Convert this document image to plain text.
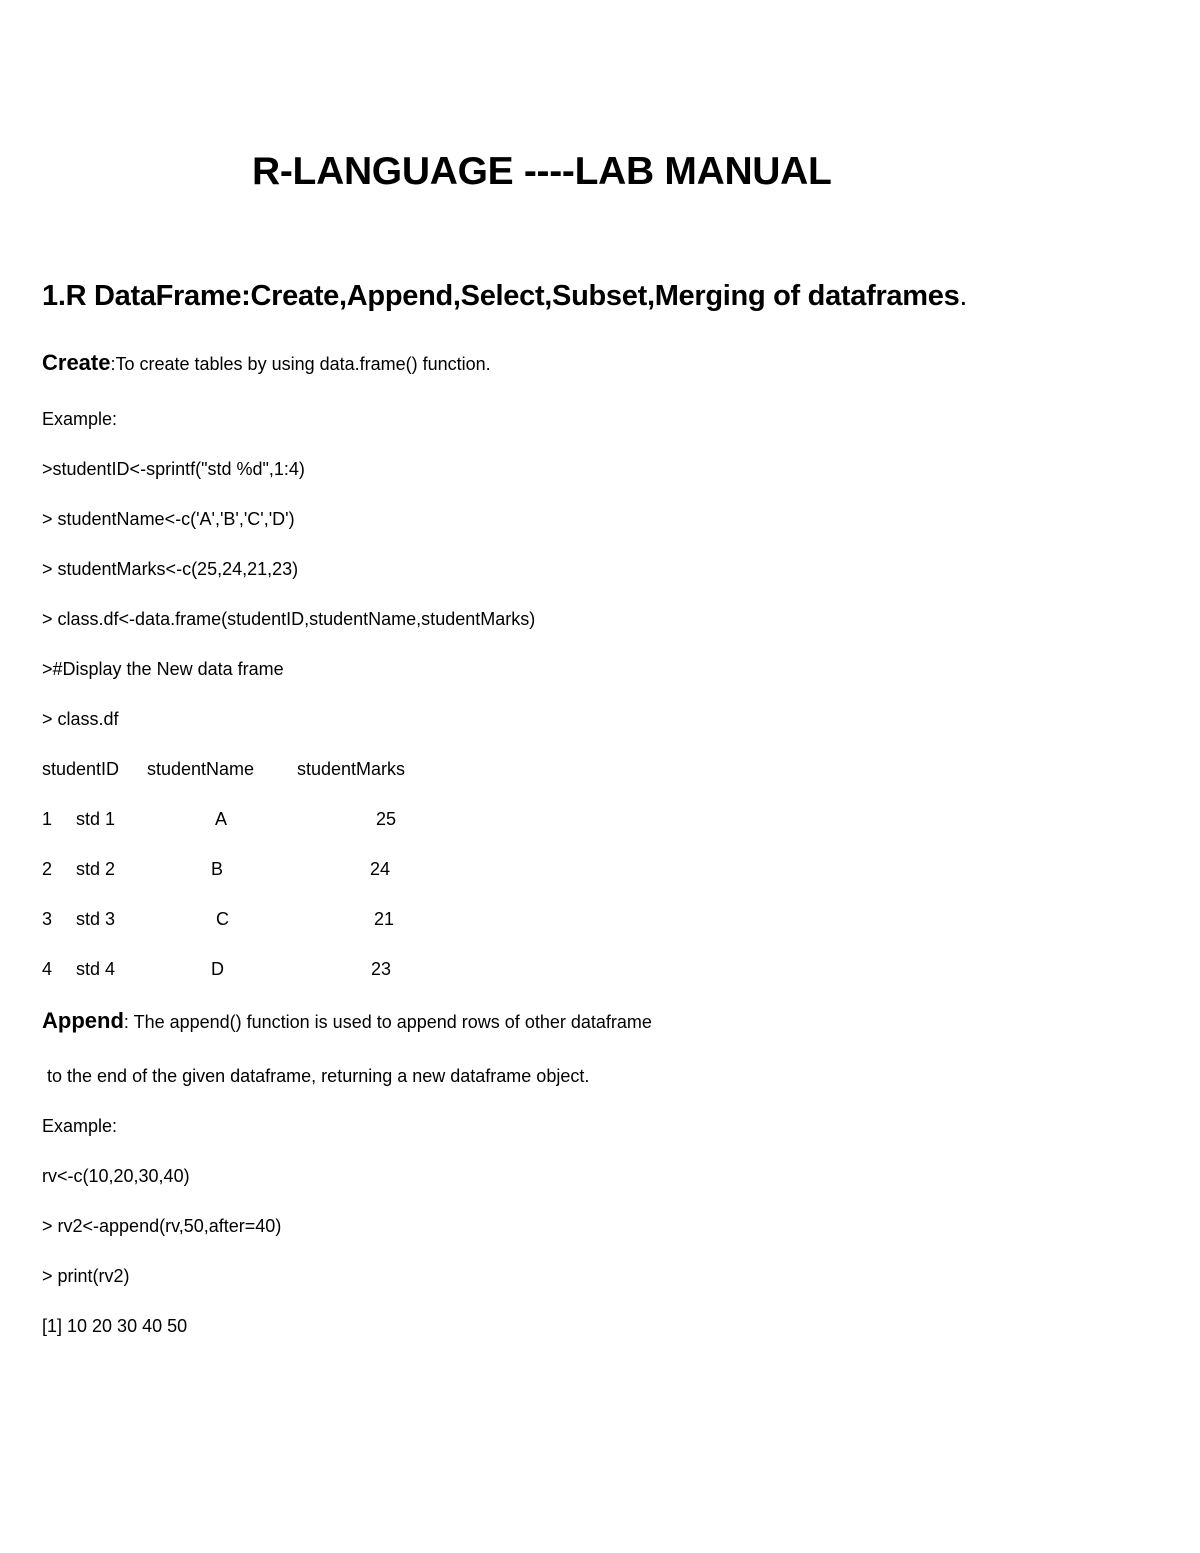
R-LANGUAGE ----LAB MANUAL
1.R DataFrame:Create,Append,Select,Subset,Merging of dataframes.
Create:To create tables by using data.frame() function.
Example:
>studentID<-sprintf("std %d",1:4)
> studentName<-c('A','B','C','D')
> studentMarks<-c(25,24,21,23)
> class.df<-data.frame(studentID,studentName,studentMarks)
>#Display the New data frame
> class.df
studentID studentName studentMarks
1 std 1	A	25
2 std 2	B	24
3 std 3	C	21
4 std 4	D	23
Append: The append() function is used to append rows of other dataframe
to the end of the given dataframe, returning a new dataframe object.
Example:
rv<-c(10,20,30,40)
> rv2<-append(rv,50,after=40)
> print(rv2)
[1] 10 20 30 40 50
